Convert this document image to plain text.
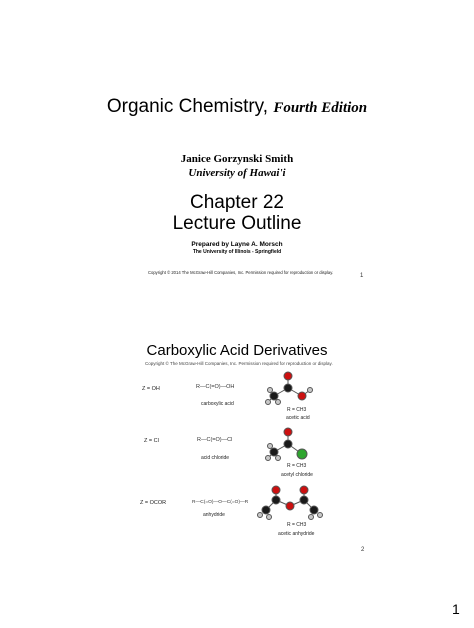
Organic Chemistry, Fourth Edition
Janice Gorzynski Smith
University of Hawai'i
Chapter 22
Lecture Outline
Prepared by Layne A. Morsch
The University of Illinois - Springfield
Copyright © 2014 The McGraw-Hill Companies, Inc. Permission required for reproduction or display.
1
Carboxylic Acid Derivatives
Copyright © The McGraw-Hill Companies, Inc. Permission required for reproduction or display.
Z = OH	R—C(=O)—OH
carboxylic acid
R = CH3
acetic acid
Z = Cl	R—C(=O)—Cl
acid chloride
R = CH3
acetyl chloride
Z = OCOR	R—C(=O)—O—C(=O)—R
anhydride
R = CH3
acetic anhydride
2
1
